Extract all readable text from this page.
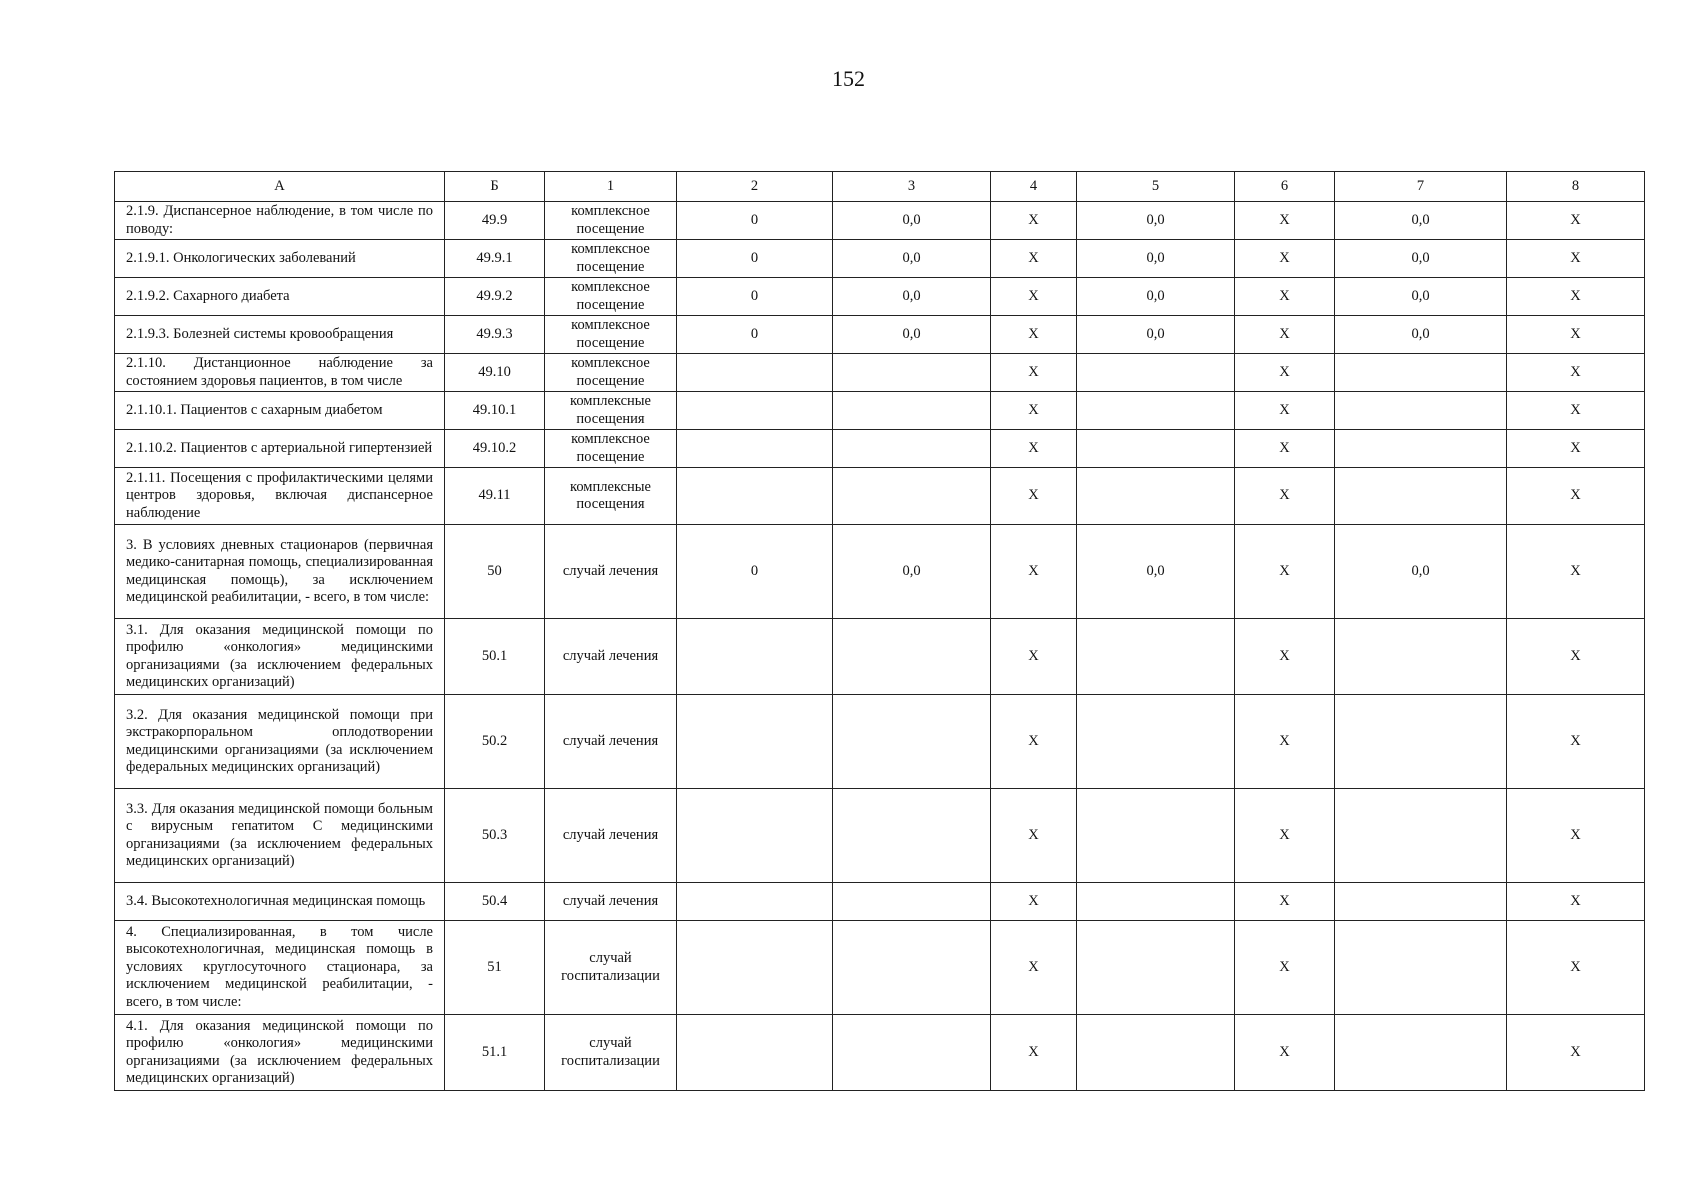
152
А	Б	1	2	3	4	5	6	7	8
2.1.9. Диспансерное наблюдение, в том числе по поводу:	49.9	комплексное посещение	0	0,0	Х	0,0	Х	0,0	Х
2.1.9.1. Онкологических заболеваний	49.9.1	комплексное посещение	0	0,0	Х	0,0	Х	0,0	Х
2.1.9.2. Сахарного диабета	49.9.2	комплексное посещение	0	0,0	Х	0,0	Х	0,0	Х
2.1.9.3. Болезней системы кровообращения	49.9.3	комплексное посещение	0	0,0	Х	0,0	Х	0,0	Х
2.1.10. Дистанционное наблюдение за состоянием здоровья пациентов, в том числе	49.10	комплексное посещение			Х		Х		Х
2.1.10.1. Пациентов с сахарным диабетом	49.10.1	комплексные посещения			Х		Х		Х
2.1.10.2. Пациентов с артериальной гипертензией	49.10.2	комплексное посещение			Х		Х		Х
2.1.11. Посещения с профилактическими целями центров здоровья, включая диспансерное наблюдение	49.11	комплексные посещения			Х		Х		Х
3. В условиях дневных стационаров (первичная медико-санитарная помощь, специализированная медицинская помощь), за исключением медицинской реабилитации, - всего, в том числе:	50	случай лечения	0	0,0	Х	0,0	Х	0,0	Х
3.1. Для оказания медицинской помощи по профилю «онкология» медицинскими организациями (за исключением федеральных медицинских организаций)	50.1	случай лечения			Х		Х		Х
3.2. Для оказания медицинской помощи при экстракорпоральном оплодотворении медицинскими организациями (за исключением федеральных медицинских организаций)	50.2	случай лечения			Х		Х		Х
3.3. Для оказания медицинской помощи больным с вирусным гепатитом С медицинскими организациями (за исключением федеральных медицинских организаций)	50.3	случай лечения			Х		Х		Х
3.4. Высокотехнологичная медицинская помощь	50.4	случай лечения			Х		Х		Х
4. Специализированная, в том числе высокотехнологичная, медицинская помощь в условиях круглосуточного стационара, за исключением медицинской реабилитации, - всего, в том числе:	51	случай госпитализации			Х		Х		Х
4.1. Для оказания медицинской помощи по профилю «онкология» медицинскими организациями (за исключением федеральных медицинских организаций)	51.1	случай госпитализации			Х		Х		Х
